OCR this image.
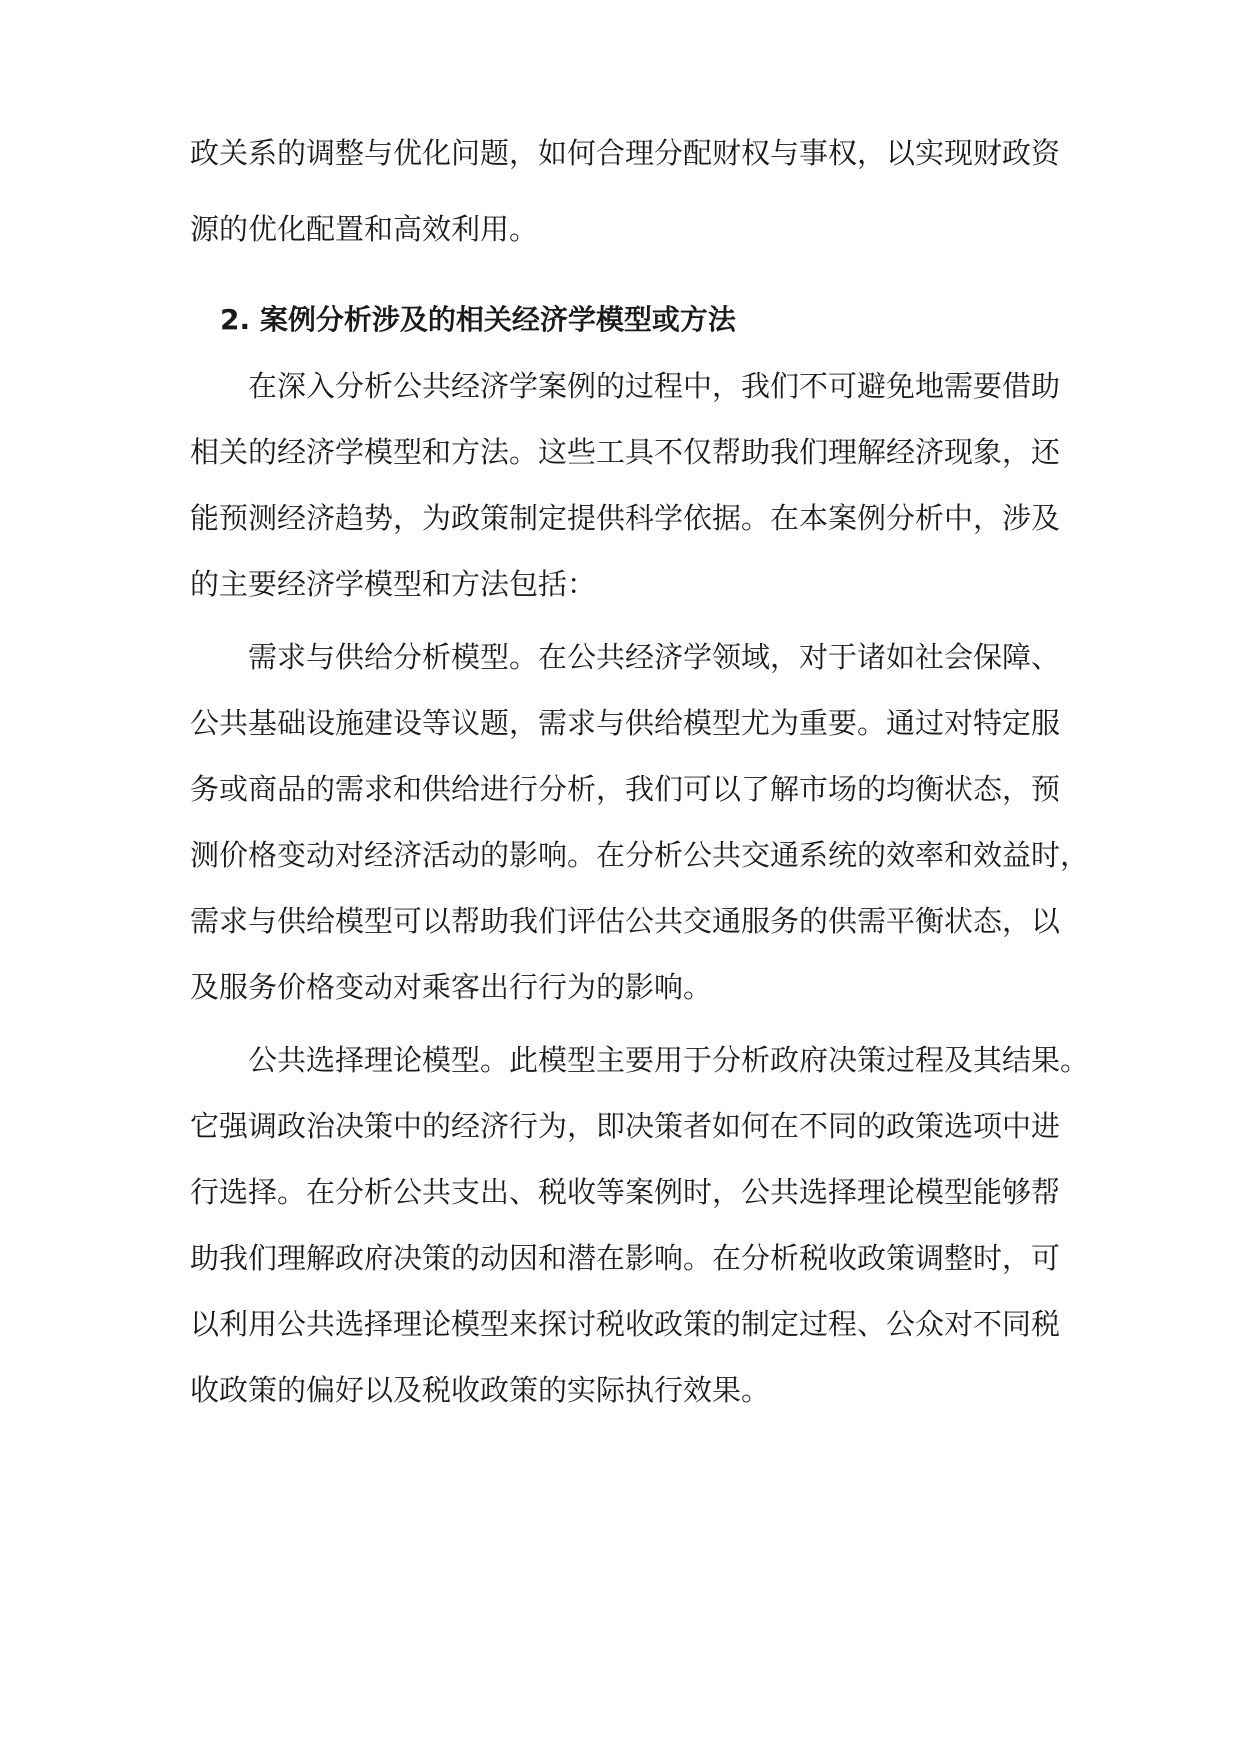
政关系的调整与优化问题，如何合理分配财权与事权，以实现财政资
源的优化配置和高效利用。
2. 案例分析涉及的相关经济学模型或方法
在深入分析公共经济学案例的过程中，我们不可避免地需要借助
相关的经济学模型和方法。这些工具不仅帮助我们理解经济现象，还
能预测经济趋势，为政策制定提供科学依据。在本案例分析中，涉及
的主要经济学模型和方法包括：
需求与供给分析模型。在公共经济学领域，对于诸如社会保障、
公共基础设施建设等议题，需求与供给模型尤为重要。通过对特定服
务或商品的需求和供给进行分析，我们可以了解市场的均衡状态，预
测价格变动对经济活动的影响。在分析公共交通系统的效率和效益时，
需求与供给模型可以帮助我们评估公共交通服务的供需平衡状态，以
及服务价格变动对乘客出行行为的影响。
公共选择理论模型。此模型主要用于分析政府决策过程及其结果。
它强调政治决策中的经济行为，即决策者如何在不同的政策选项中进
行选择。在分析公共支出、税收等案例时，公共选择理论模型能够帮
助我们理解政府决策的动因和潜在影响。在分析税收政策调整时，可
以利用公共选择理论模型来探讨税收政策的制定过程、公众对不同税
收政策的偏好以及税收政策的实际执行效果。
